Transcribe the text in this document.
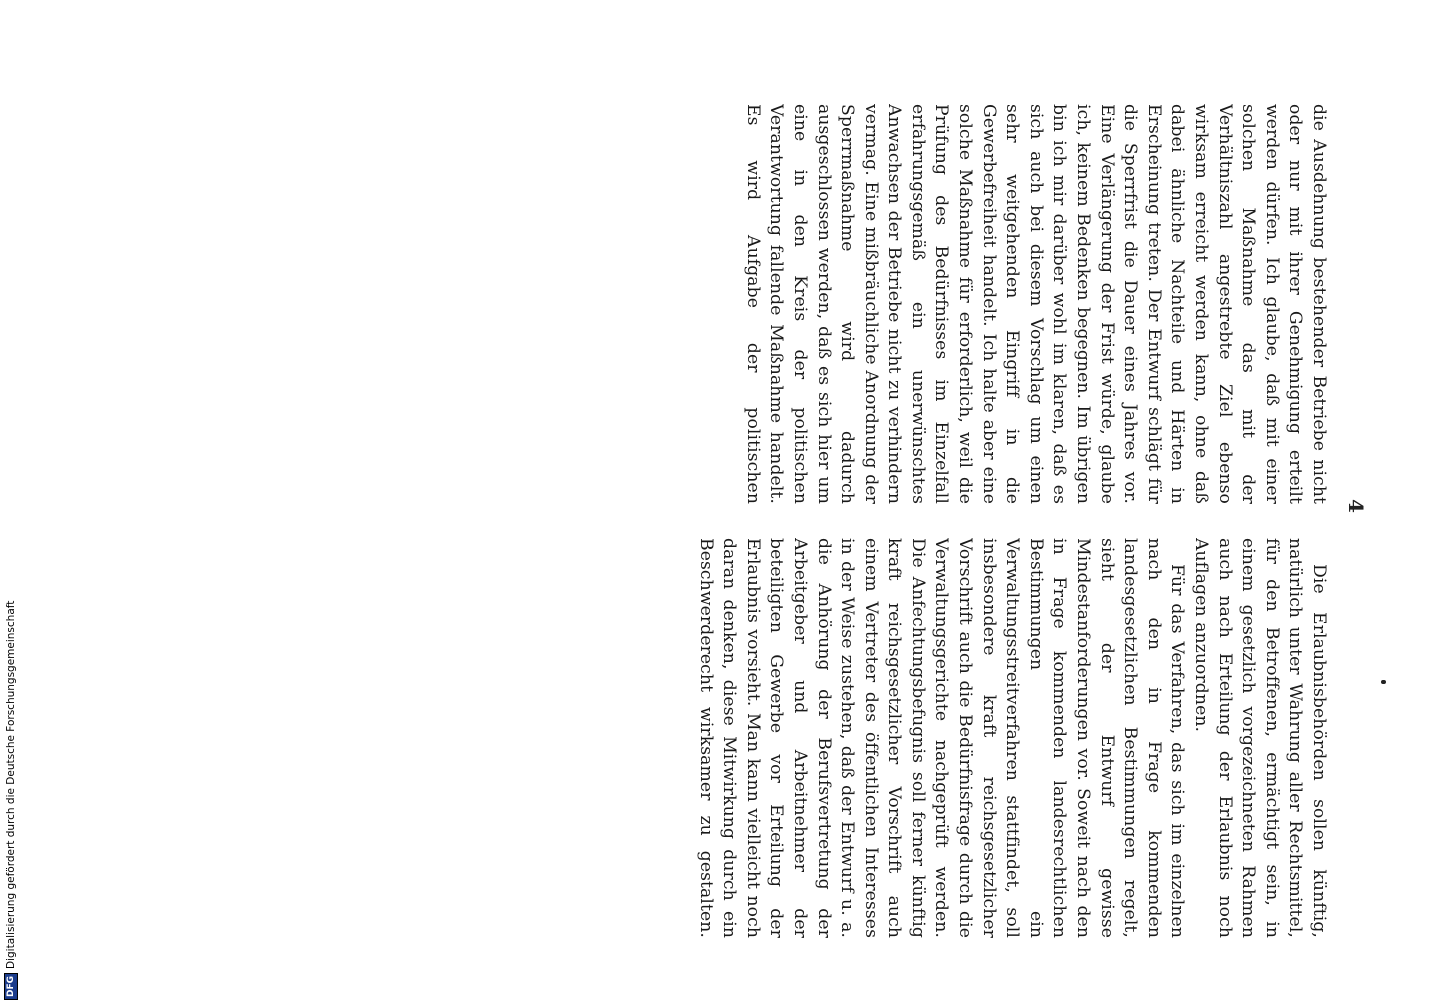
4

die Ausdehnung bestehender Betriebe nicht oder nur mit ihrer Genehmigung erteilt werden dürfen. Ich glaube, daß mit einer solchen Maßnahme das mit der Verhältniszahl angestrebte Ziel ebenso wirksam erreicht werden kann, ohne daß dabei ähnliche Nachteile und Härten in Erscheinung treten. Der Entwurf schlägt für die Sperrfrist die Dauer eines Jahres vor. Eine Verlängerung der Frist würde, glaube ich, keinem Bedenken begegnen. Im übrigen bin ich mir darüber wohl im klaren, daß es sich auch bei diesem Vorschlag um einen sehr weitgehenden Eingriff in die Gewerbefreiheit handelt. Ich halte aber eine solche Maßnahme für erforderlich, weil die Prüfung des Bedürfnisses im Einzelfall erfahrungsgemäß ein unerwünschtes Anwachsen der Betriebe nicht zu verhindern vermag. Eine mißbräuchliche Anordnung der Sperrmaßnahme wird dadurch ausgeschlossen werden, daß es sich hier um eine in den Kreis der politischen Verantwortung fallende Maßnahme handelt. Es wird Aufgabe der politischen

Die Erlaubnisbehörden sollen künftig, natürlich unter Wahrung aller Rechtsmittel, für den Betroffenen, ermächtigt sein, in einem gesetzlich vorgezeichneten Rahmen auch nach Erteilung der Erlaubnis noch Auflagen anzuordnen.

Für das Verfahren, das sich im einzelnen nach den in Frage kommenden landesgesetzlichen Bestimmungen regelt, sieht der Entwurf gewisse Mindestanforderungen vor. Soweit nach den in Frage kommenden landesrechtlichen Bestimmungen ein Verwaltungsstreitverfahren stattfindet, soll insbesondere kraft reichsgesetzlicher Vorschrift auch die Bedürfnisfrage durch die Verwaltungsgerichte nachgeprüft werden. Die Anfechtungsbefugnis soll ferner künftig kraft reichsgesetzlicher Vorschrift auch einem Vertreter des öffentlichen Interesses in der Weise zustehen, daß der Entwurf u. a. die Anhörung der Berufsvertretung der Arbeitgeber und Arbeitnehmer der beteiligten Gewerbe vor Erteilung der Erlaubnis vorsieht. Man kann vielleicht noch daran denken, diese Mitwirkung durch ein Beschwerderecht wirksamer zu gestalten.

DFG
Digitalisierung gefördert durch die Deutsche Forschungsgemeinschaft
